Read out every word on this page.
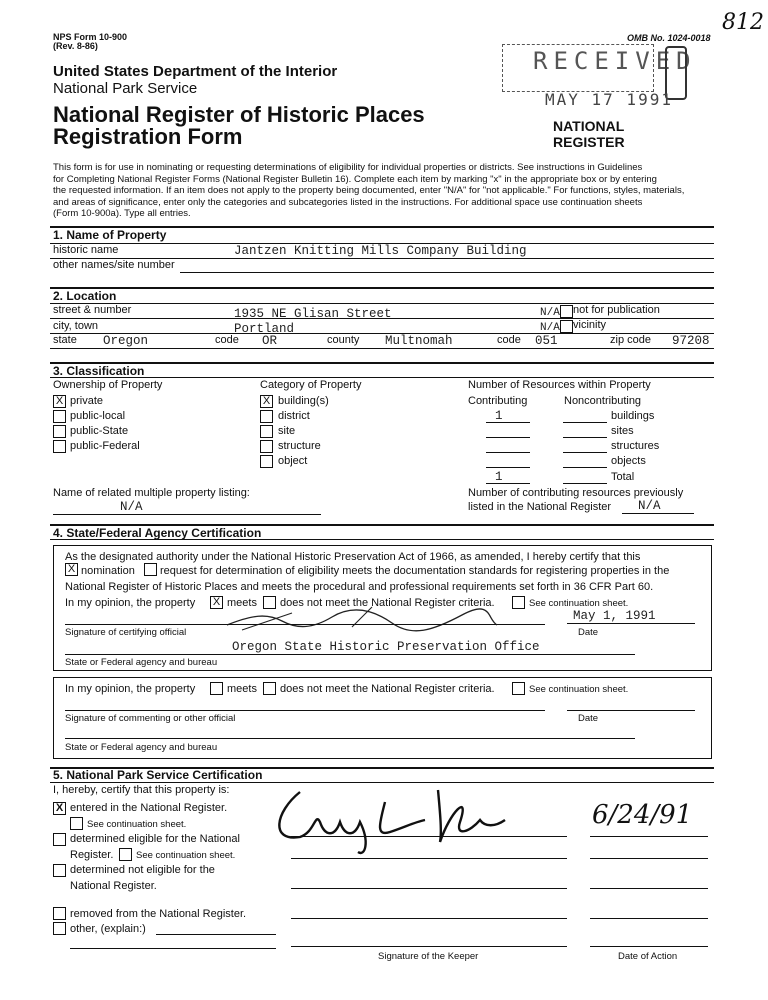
NPS Form 10-900
(Rev. 8-86)
OMB No. 1024-0018
812
RECEIVED
MAY 17 1991
NATIONAL
REGISTER
United States Department of the Interior
National Park Service
National Register of Historic Places
Registration Form
This form is for use in nominating or requesting determinations of eligibility for individual properties or districts. See instructions in Guidelines
for Completing National Register Forms (National Register Bulletin 16). Complete each item by marking "x" in the appropriate box or by entering
the requested information. If an item does not apply to the property being documented, enter "N/A" for "not applicable." For functions, styles, materials,
and areas of significance, enter only the categories and subcategories listed in the instructions. For additional space use continuation sheets
(Form 10-900a). Type all entries.
1. Name of Property
historic name	Jantzen Knitting Mills Company Building
other names/site number
2. Location
street & number	1935 NE Glisan Street	N/A not for publication
city, town	Portland	N/A vicinity
state Oregon	code OR	county Multnomah	code 051	zip code 97208
3. Classification
Ownership of Property	Category of Property	Number of Resources within Property
Contributing	Noncontributing
X private
public-local
public-State
public-Federal
X building(s)
district
site
structure
object
1	buildings
sites
structures
objects
1	Total
Name of related multiple property listing:
N/A
Number of contributing resources previously
listed in the National Register N/A
4. State/Federal Agency Certification
As the designated authority under the National Historic Preservation Act of 1966, as amended, I hereby certify that this
X nomination request for determination of eligibility meets the documentation standards for registering properties in the
National Register of Historic Places and meets the procedural and professional requirements set forth in 36 CFR Part 60.
In my opinion, the property X meets does not meet the National Register criteria.	See continuation sheet.
May 1, 1991
Signature of certifying official	Date
Oregon State Historic Preservation Office
State or Federal agency and bureau
In my opinion, the property	meets does not meet the National Register criteria.	See continuation sheet.
Signature of commenting or other official	Date
State or Federal agency and bureau
5. National Park Service Certification
I, hereby, certify that this property is:
X entered in the National Register.
See continuation sheet.
determined eligible for the National
Register. See continuation sheet.
determined not eligible for the
National Register.
removed from the National Register.
other, (explain:)
6/24/91
Signature of the Keeper	Date of Action
